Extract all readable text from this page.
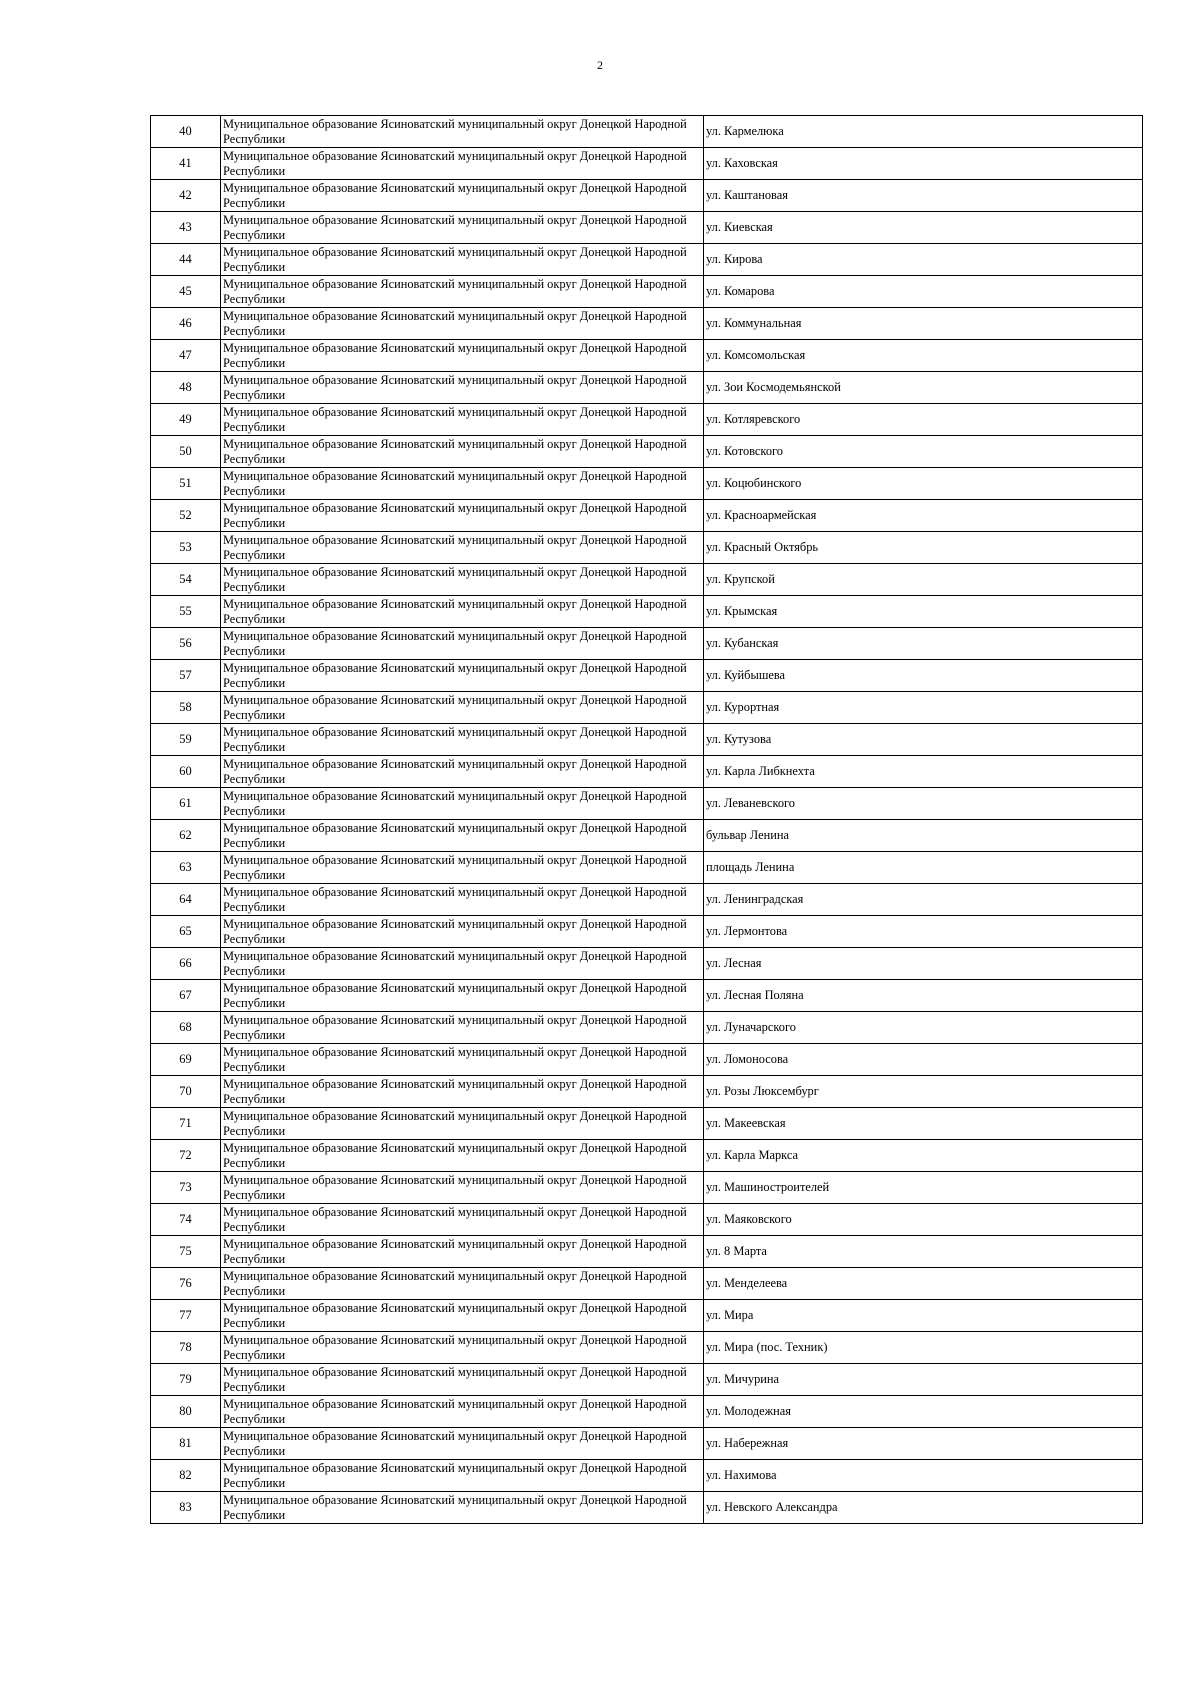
2
40	Муниципальное образование Ясиноватский муниципальный округ Донецкой Народной Республики	ул. Кармелюка
41	Муниципальное образование Ясиноватский муниципальный округ Донецкой Народной Республики	ул. Каховская
42	Муниципальное образование Ясиноватский муниципальный округ Донецкой Народной Республики	ул. Каштановая
43	Муниципальное образование Ясиноватский муниципальный округ Донецкой Народной Республики	ул. Киевская
44	Муниципальное образование Ясиноватский муниципальный округ Донецкой Народной Республики	ул. Кирова
45	Муниципальное образование Ясиноватский муниципальный округ Донецкой Народной Республики	ул. Комарова
46	Муниципальное образование Ясиноватский муниципальный округ Донецкой Народной Республики	ул. Коммунальная
47	Муниципальное образование Ясиноватский муниципальный округ Донецкой Народной Республики	ул. Комсомольская
48	Муниципальное образование Ясиноватский муниципальный округ Донецкой Народной Республики	ул. Зои Космодемьянской
49	Муниципальное образование Ясиноватский муниципальный округ Донецкой Народной Республики	ул. Котляревского
50	Муниципальное образование Ясиноватский муниципальный округ Донецкой Народной Республики	ул. Котовского
51	Муниципальное образование Ясиноватский муниципальный округ Донецкой Народной Республики	ул. Коцюбинского
52	Муниципальное образование Ясиноватский муниципальный округ Донецкой Народной Республики	ул. Красноармейская
53	Муниципальное образование Ясиноватский муниципальный округ Донецкой Народной Республики	ул. Красный Октябрь
54	Муниципальное образование Ясиноватский муниципальный округ Донецкой Народной Республики	ул. Крупской
55	Муниципальное образование Ясиноватский муниципальный округ Донецкой Народной Республики	ул. Крымская
56	Муниципальное образование Ясиноватский муниципальный округ Донецкой Народной Республики	ул. Кубанская
57	Муниципальное образование Ясиноватский муниципальный округ Донецкой Народной Республики	ул. Куйбышева
58	Муниципальное образование Ясиноватский муниципальный округ Донецкой Народной Республики	ул. Курортная
59	Муниципальное образование Ясиноватский муниципальный округ Донецкой Народной Республики	ул. Кутузова
60	Муниципальное образование Ясиноватский муниципальный округ Донецкой Народной Республики	ул. Карла Либкнехта
61	Муниципальное образование Ясиноватский муниципальный округ Донецкой Народной Республики	ул. Леваневского
62	Муниципальное образование Ясиноватский муниципальный округ Донецкой Народной Республики	бульвар Ленина
63	Муниципальное образование Ясиноватский муниципальный округ Донецкой Народной Республики	площадь Ленина
64	Муниципальное образование Ясиноватский муниципальный округ Донецкой Народной Республики	ул. Ленинградская
65	Муниципальное образование Ясиноватский муниципальный округ Донецкой Народной Республики	ул. Лермонтова
66	Муниципальное образование Ясиноватский муниципальный округ Донецкой Народной Республики	ул. Лесная
67	Муниципальное образование Ясиноватский муниципальный округ Донецкой Народной Республики	ул. Лесная Поляна
68	Муниципальное образование Ясиноватский муниципальный округ Донецкой Народной Республики	ул. Луначарского
69	Муниципальное образование Ясиноватский муниципальный округ Донецкой Народной Республики	ул. Ломоносова
70	Муниципальное образование Ясиноватский муниципальный округ Донецкой Народной Республики	ул. Розы Люксембург
71	Муниципальное образование Ясиноватский муниципальный округ Донецкой Народной Республики	ул. Макеевская
72	Муниципальное образование Ясиноватский муниципальный округ Донецкой Народной Республики	ул. Карла Маркса
73	Муниципальное образование Ясиноватский муниципальный округ Донецкой Народной Республики	ул. Машиностроителей
74	Муниципальное образование Ясиноватский муниципальный округ Донецкой Народной Республики	ул. Маяковского
75	Муниципальное образование Ясиноватский муниципальный округ Донецкой Народной Республики	ул. 8 Марта
76	Муниципальное образование Ясиноватский муниципальный округ Донецкой Народной Республики	ул. Менделеева
77	Муниципальное образование Ясиноватский муниципальный округ Донецкой Народной Республики	ул. Мира
78	Муниципальное образование Ясиноватский муниципальный округ Донецкой Народной Республики	ул. Мира (пос. Техник)
79	Муниципальное образование Ясиноватский муниципальный округ Донецкой Народной Республики	ул. Мичурина
80	Муниципальное образование Ясиноватский муниципальный округ Донецкой Народной Республики	ул. Молодежная
81	Муниципальное образование Ясиноватский муниципальный округ Донецкой Народной Республики	ул. Набережная
82	Муниципальное образование Ясиноватский муниципальный округ Донецкой Народной Республики	ул. Нахимова
83	Муниципальное образование Ясиноватский муниципальный округ Донецкой Народной Республики	ул. Невского Александра
